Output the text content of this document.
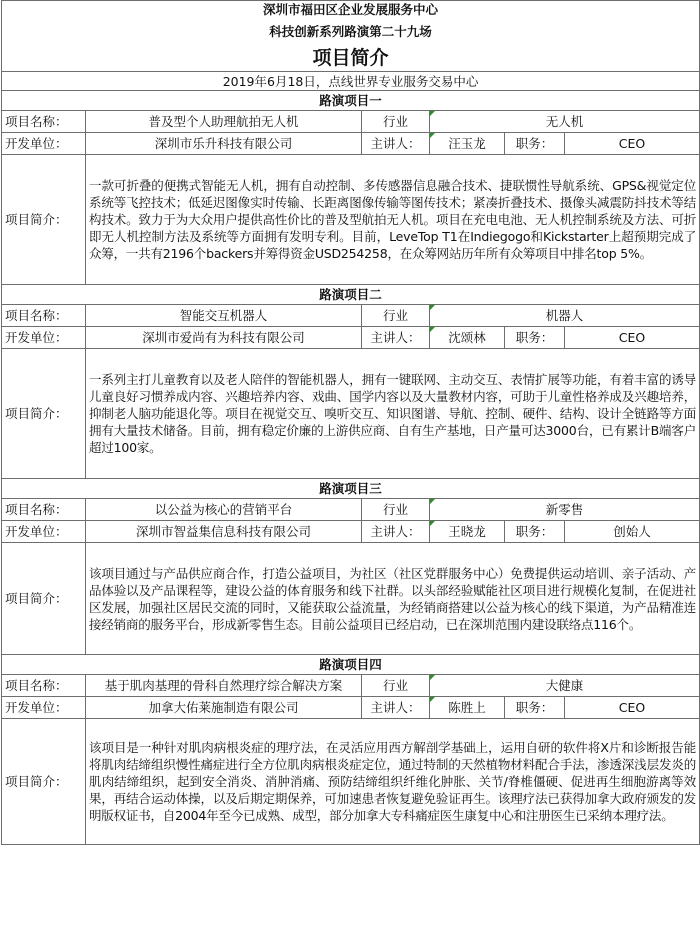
深圳市福田区企业发展服务中心
科技创新系列路演第二十九场
项目简介					

2019年6月18日，点线世界专业服务交易中心					
路演项目一					
项目名称：	普及型个人助理航拍无人机	行业	无人机		
开发单位：	深圳市乐升科技有限公司	主讲人：	汪玉龙	职务：	CEO
项目简介：	一款可折叠的便携式智能无人机，拥有自动控制、多传感器信息融合技术、捷联惯性导航系统、GPS&视觉定位系统等飞控技术；低延迟图像实时传输、长距离图像传输等图传技术；紧凑折叠技术、摄像头减震防抖技术等结构技术。致力于为大众用户提供高性价比的普及型航拍无人机。项目在充电电池、无人机控制系统及方法、可折即无人机控制方法及系统等方面拥有发明专利。目前，LeveTop T1在Indiegogo和Kickstarter上超预期完成了众筹，一共有2196个backers并筹得资金USD254258，在众筹网站历年所有众筹项目中排名top 5%。				
路演项目二					
项目名称：	智能交互机器人	行业	机器人		
开发单位：	深圳市爱尚有为科技有限公司	主讲人：	沈颂林	职务：	CEO
项目简介：	一系列主打儿童教育以及老人陪伴的智能机器人，拥有一键联网、主动交互、表情扩展等功能，有着丰富的诱导儿童良好习惯养成内容、兴趣培养内容、戏曲、国学内容以及大量教材内容，可助于儿童性格养成及兴趣培养，抑制老人脑功能退化等。项目在视觉交互、嗅听交互、知识图谱、导航、控制、硬件、结构、设计全链路等方面拥有大量技术储备。目前，拥有稳定价廉的上游供应商、自有生产基地，日产量可达3000台，已有累计B端客户超过100家。				
路演项目三					
项目名称：	以公益为核心的营销平台	行业	新零售		
开发单位：	深圳市智益集信息科技有限公司	主讲人：	王晓龙	职务：	创始人
项目简介：	该项目通过与产品供应商合作，打造公益项目，为社区（社区党群服务中心）免费提供运动培训、亲子活动、产品体验以及产品课程等，建设公益的体育服务和线下社群。以头部经验赋能社区项目进行规模化复制，在促进社区发展，加强社区居民交流的同时，又能获取公益流量，为经销商搭建以公益为核心的线下渠道，为产品精准连接经销商的服务平台，形成新零售生态。目前公益项目已经启动，已在深圳范围内建设联络点116个。				
路演项目四					
项目名称：	基于肌肉基理的骨科自然理疗综合解决方案	行业	大健康		
开发单位：	加拿大佑莱施制造有限公司	主讲人：	陈胜上	职务：	CEO
项目简介：	该项目是一种针对肌肉病根炎症的理疗法，在灵活应用西方解剖学基础上，运用自研的软件将X片和诊断报告能将肌肉结缔组织慢性痛症进行全方位肌肉病根炎症定位，通过特制的天然植物材料配合手法，渗透深浅层发炎的肌肉结缔组织，起到安全消炎、消肿消痛、预防结缔组织纤维化肿胀、关节/脊椎僵硬、促进再生细胞游离等效果，再结合运动体操，以及后期定期保养，可加速患者恢复避免验证再生。该理疗法已获得加拿大政府颁发的发明版权证书，自2004年至今已成熟、成型，部分加拿大专科痛症医生康复中心和注册医生已采纳本理疗法。				
